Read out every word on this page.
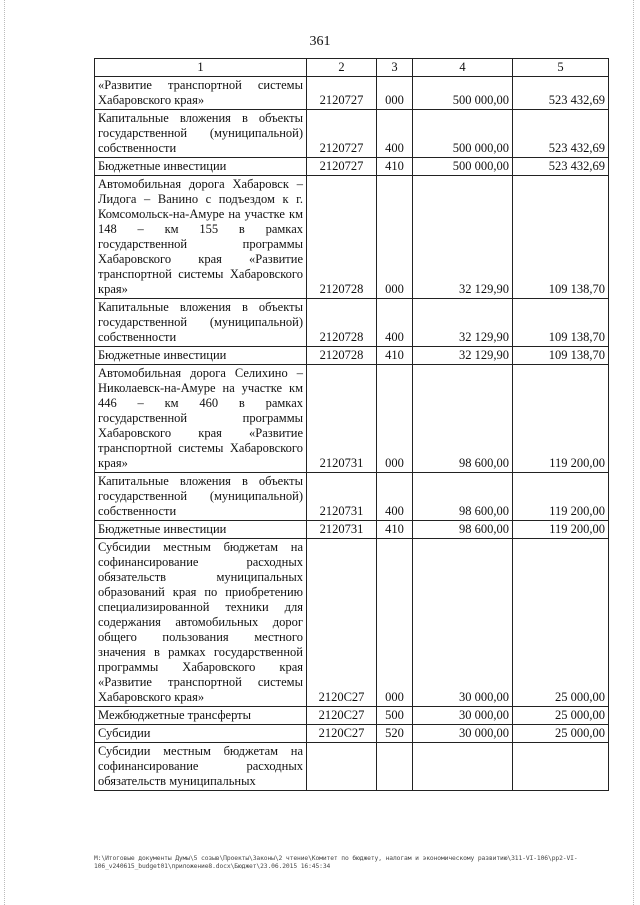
361
1	2	3	4	5
«Развитие транспортной системы Хабаровского края»	2120727	000	500 000,00	523 432,69
Капитальные вложения в объекты государственной (муниципальной) собственности	2120727	400	500 000,00	523 432,69
Бюджетные инвестиции	2120727	410	500 000,00	523 432,69
Автомобильная дорога Хабаровск – Лидога – Ванино с подъездом к г. Комсомольск-на-Амуре на участке км 148 – км 155 в рамках государственной программы Хабаровского края «Развитие транспортной системы Хабаровского края»	2120728	000	32 129,90	109 138,70
Капитальные вложения в объекты государственной (муниципальной) собственности	2120728	400	32 129,90	109 138,70
Бюджетные инвестиции	2120728	410	32 129,90	109 138,70
Автомобильная дорога Селихино – Николаевск-на-Амуре на участке км 446 – км 460 в рамках государственной программы Хабаровского края «Развитие транспортной системы Хабаровского края»	2120731	000	98 600,00	119 200,00
Капитальные вложения в объекты государственной (муниципальной) собственности	2120731	400	98 600,00	119 200,00
Бюджетные инвестиции	2120731	410	98 600,00	119 200,00
Субсидии местным бюджетам на софинансирование расходных обязательств муниципальных образований края по приобретению специализированной техники для содержания автомобильных дорог общего пользования местного значения в рамках государственной программы Хабаровского края «Развитие транспортной системы Хабаровского края»	2120С27	000	30 000,00	25 000,00
Межбюджетные трансферты	2120С27	500	30 000,00	25 000,00
Субсидии	2120С27	520	30 000,00	25 000,00
Субсидии местным бюджетам на софинансирование расходных обязательств муниципальных				
M:\Итоговые документы Думы\5 созыв\Проекты\Законы\2 чтение\Комитет по бюджету, налогам и экономическому развитию\311-VI-106\рр2-VI-106_v240615_budget01\приложение8.docx\Бюджет\23.06.2015 16:45:34
